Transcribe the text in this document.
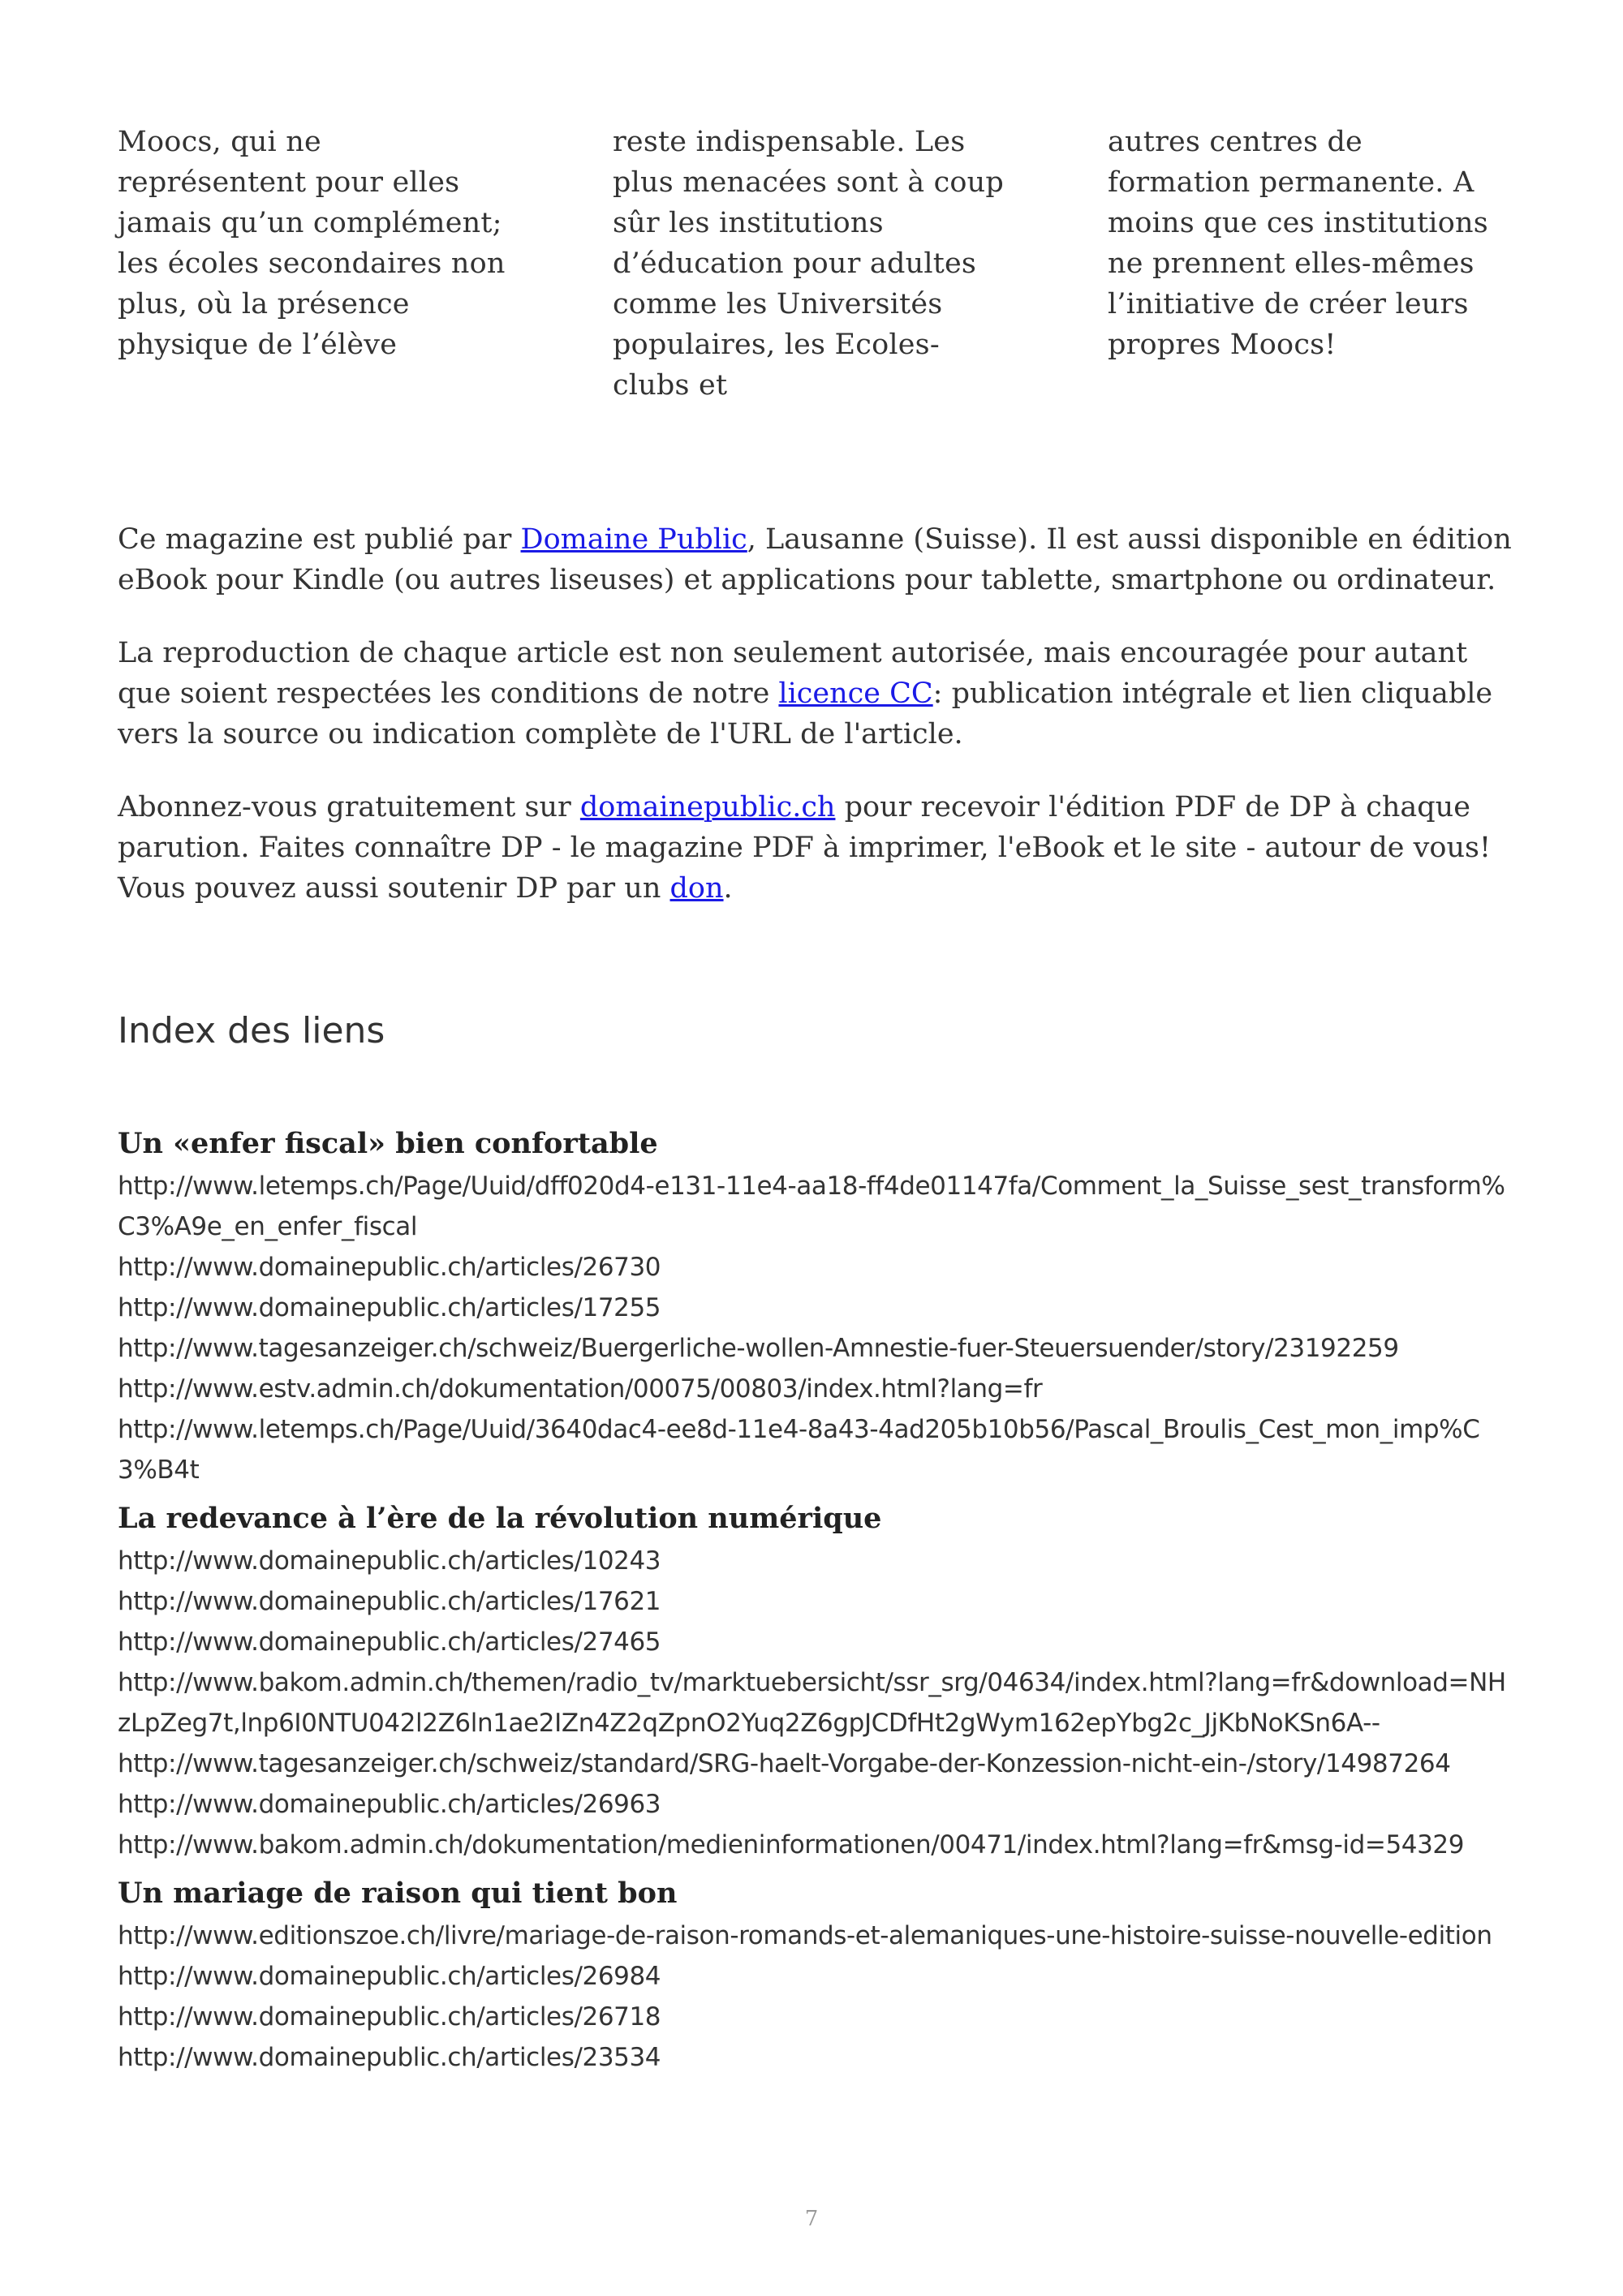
Moocs, qui ne représentent pour elles jamais qu’un complément; les écoles secondaires non plus, où la présence physique de l’élève
reste indispensable. Les plus menacées sont à coup sûr les institutions d’éducation pour adultes comme les Universités populaires, les Ecoles-clubs et
autres centres de formation permanente. A moins que ces institutions ne prennent elles-mêmes l’initiative de créer leurs propres Moocs!

Ce magazine est publié par Domaine Public, Lausanne (Suisse). Il est aussi disponible en édition eBook pour Kindle (ou autres liseuses) et applications pour tablette, smartphone ou ordinateur.

La reproduction de chaque article est non seulement autorisée, mais encouragée pour autant que soient respectées les conditions de notre licence CC: publication intégrale et lien cliquable vers la source ou indication complète de l'URL de l'article.

Abonnez-vous gratuitement sur domainepublic.ch pour recevoir l'édition PDF de DP à chaque parution. Faites connaître DP - le magazine PDF à imprimer, l'eBook et le site - autour de vous! Vous pouvez aussi soutenir DP par un don.

Index des liens
Un «enfer fiscal» bien confortable
http://www.letemps.ch/Page/Uuid/dff020d4-e131-11e4-aa18-ff4de01147fa/Comment_la_Suisse_sest_transform%C3%A9e_en_enfer_fiscal
http://www.domainepublic.ch/articles/26730
http://www.domainepublic.ch/articles/17255
http://www.tagesanzeiger.ch/schweiz/Buergerliche-wollen-Amnestie-fuer-Steuersuender/story/23192259
http://www.estv.admin.ch/dokumentation/00075/00803/index.html?lang=fr
http://www.letemps.ch/Page/Uuid/3640dac4-ee8d-11e4-8a43-4ad205b10b56/Pascal_Broulis_Cest_mon_imp%C3%B4t
La redevance à l’ère de la révolution numérique
http://www.domainepublic.ch/articles/10243
http://www.domainepublic.ch/articles/17621
http://www.domainepublic.ch/articles/27465
http://www.bakom.admin.ch/themen/radio_tv/marktuebersicht/ssr_srg/04634/index.html?lang=fr&download=NHzLpZeg7t,lnp6I0NTU042l2Z6ln1ae2IZn4Z2qZpnO2Yuq2Z6gpJCDfHt2gWym162epYbg2c_JjKbNoKSn6A--
http://www.tagesanzeiger.ch/schweiz/standard/SRG-haelt-Vorgabe-der-Konzession-nicht-ein-/story/14987264
http://www.domainepublic.ch/articles/26963
http://www.bakom.admin.ch/dokumentation/medieninformationen/00471/index.html?lang=fr&msg-id=54329
Un mariage de raison qui tient bon
http://www.editionszoe.ch/livre/mariage-de-raison-romands-et-alemaniques-une-histoire-suisse-nouvelle-edition
http://www.domainepublic.ch/articles/26984
http://www.domainepublic.ch/articles/26718
http://www.domainepublic.ch/articles/23534
7
